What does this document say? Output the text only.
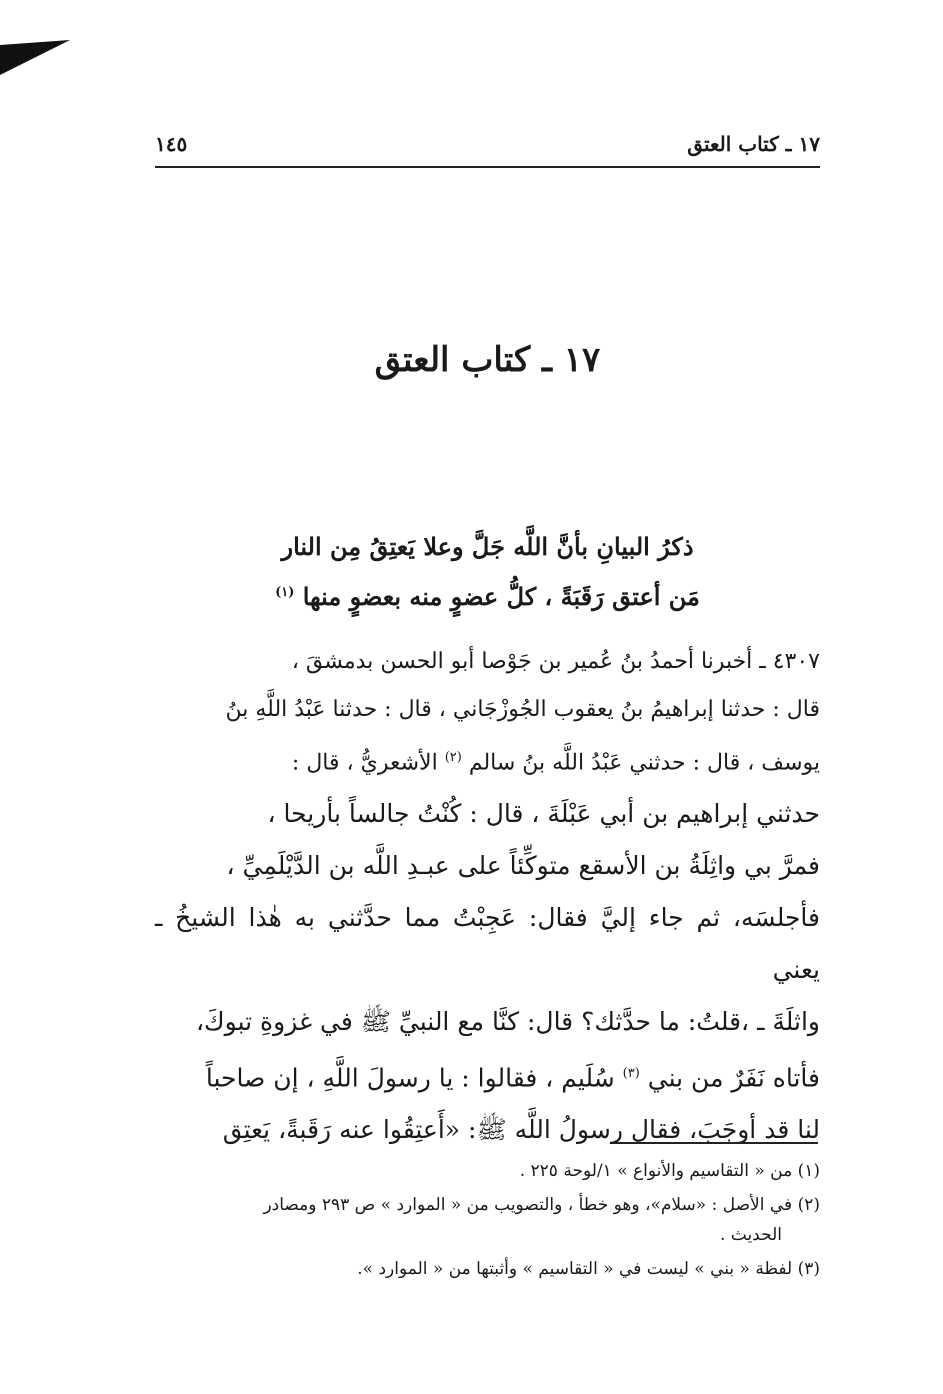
١٧ ـ كتاب العتق
١٤٥
١٧ ـ كتاب العتق

ذكرُ البيانِ بأنَّ اللَّه جَلَّ وعلا يَعتِقُ مِن النار

مَن أعتق رَقَبَةً ، كلُّ عضوٍ منه بعضوٍ منها $^{(١)}$

٤٣٠٧ ـ أخبرنا أحمدُ بنُ عُمير بن جَوْصا أبو الحسن بدمشقَ ،

قال : حدثنا إبراهيمُ بنُ يعقوب الجُوزْجَاني ، قال : حدثنا عَبْدُ اللَّهِ بنُ

يوسف ، قال : حدثني عَبْدُ اللَّه بنُ سالم $^{(٢)}$ الأشعريُّ ، قال :

حدثني إبراهيم بن أبي عَبْلَةَ ، قال : كُنْتُ جالساً بأريحا ،

فمرَّ بي واثِلَةُ بن الأسقع متوكِّئاً على عبـدِ اللَّه بن الدَّيْلَمِيِّ ،

فأجلسَه، ثم جاء إليَّ فقال: عَجِبْتُ مما حدَّثني به هٰذا الشيخُ ـ يعني

واثلَةَ ـ ،قلتُ: ما حدَّثك؟ قال: كنَّا مع النبيِّ ﷺ في غزوةِ تبوكَ،

فأتاه نَفَرٌ من بني $^{(٣)}$ سُلَيم ، فقالوا : يا رسولَ اللَّهِ ، إن صاحباً

لنا قد أوجَبَ، فقال رسولُ اللَّه ﷺ: «أَعتِقُوا عنه رَقَبةً، يَعتِق

(١) من « التقاسيم والأنواع » ١/لوحة ٢٢٥ .

(٢) في الأصل : «سلام»، وهو خطأ ، والتصويب من « الموارد » ص ٢٩٣ ومصادر
الحديث .

(٣) لفظة « بني » ليست في « التقاسيم » وأثبتها من « الموارد ».
